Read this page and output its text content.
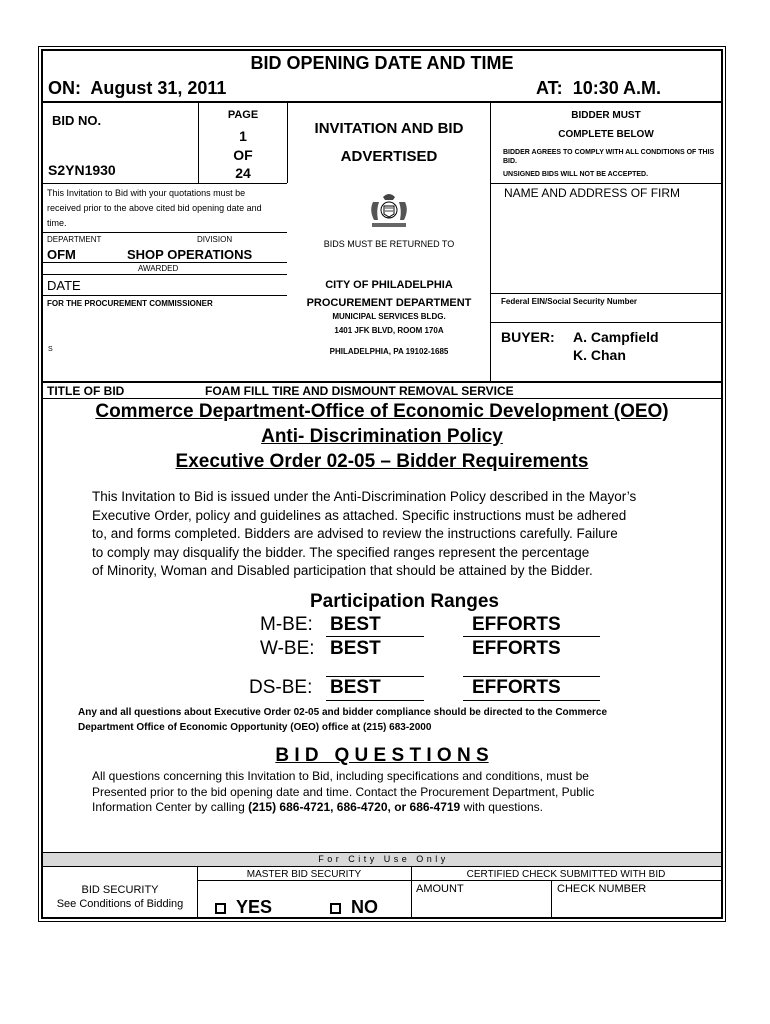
BID OPENING DATE AND TIME
ON: August 31, 2011	AT: 10:30 A.M.
BID NO.
S2YN1930
PAGE
1
OF
24
INVITATION AND BID
ADVERTISED
BIDDER MUST
COMPLETE BELOW
BIDDER AGREES TO COMPLY WITH ALL CONDITIONS OF THIS BID.
UNSIGNED BIDS WILL NOT BE ACCEPTED.
NAME AND ADDRESS OF FIRM
This Invitation to Bid with your quotations must be received prior to the above cited bid opening date and time.
DEPARTMENT	DIVISION
OFM	SHOP OPERATIONS
AWARDED
DATE
FOR THE PROCUREMENT COMMISSIONER
S
BIDS MUST BE RETURNED TO
CITY OF PHILADELPHIA
PROCUREMENT DEPARTMENT
MUNICIPAL SERVICES BLDG.
1401 JFK BLVD, ROOM 170A
PHILADELPHIA, PA 19102-1685
Federal EIN/Social Security Number
BUYER: A. Campfield
K. Chan
TITLE OF BID	FOAM FILL TIRE AND DISMOUNT REMOVAL SERVICE
Commerce Department-Office of Economic Development (OEO)
Anti- Discrimination Policy
Executive Order 02-05 – Bidder Requirements
This Invitation to Bid is issued under the Anti-Discrimination Policy described in the Mayor’s
Executive Order, policy and guidelines as attached. Specific instructions must be adhered
to, and forms completed. Bidders are advised to review the instructions carefully. Failure
to comply may disqualify the bidder. The specified ranges represent the percentage
of Minority, Woman and Disabled participation that should be attained by the Bidder.
Participation Ranges
M-BE: BEST	EFFORTS
W-BE: BEST	EFFORTS
DS-BE: BEST	EFFORTS
Any and all questions about Executive Order 02-05 and bidder compliance should be directed to the Commerce
Department Office of Economic Opportunity (OEO) office at (215) 683-2000
B I D   Q U E S T I O N S
All questions concerning this Invitation to Bid, including specifications and conditions, must be
Presented prior to the bid opening date and time. Contact the Procurement Department, Public
Information Center by calling (215) 686-4721, 686-4720, or 686-4719 with questions.
F o r   C i t y   U s e   O n l y
MASTER BID SECURITY	CERTIFIED CHECK SUBMITTED WITH BID
BID SECURITY
See Conditions of Bidding	YES	NO
AMOUNT	CHECK NUMBER
